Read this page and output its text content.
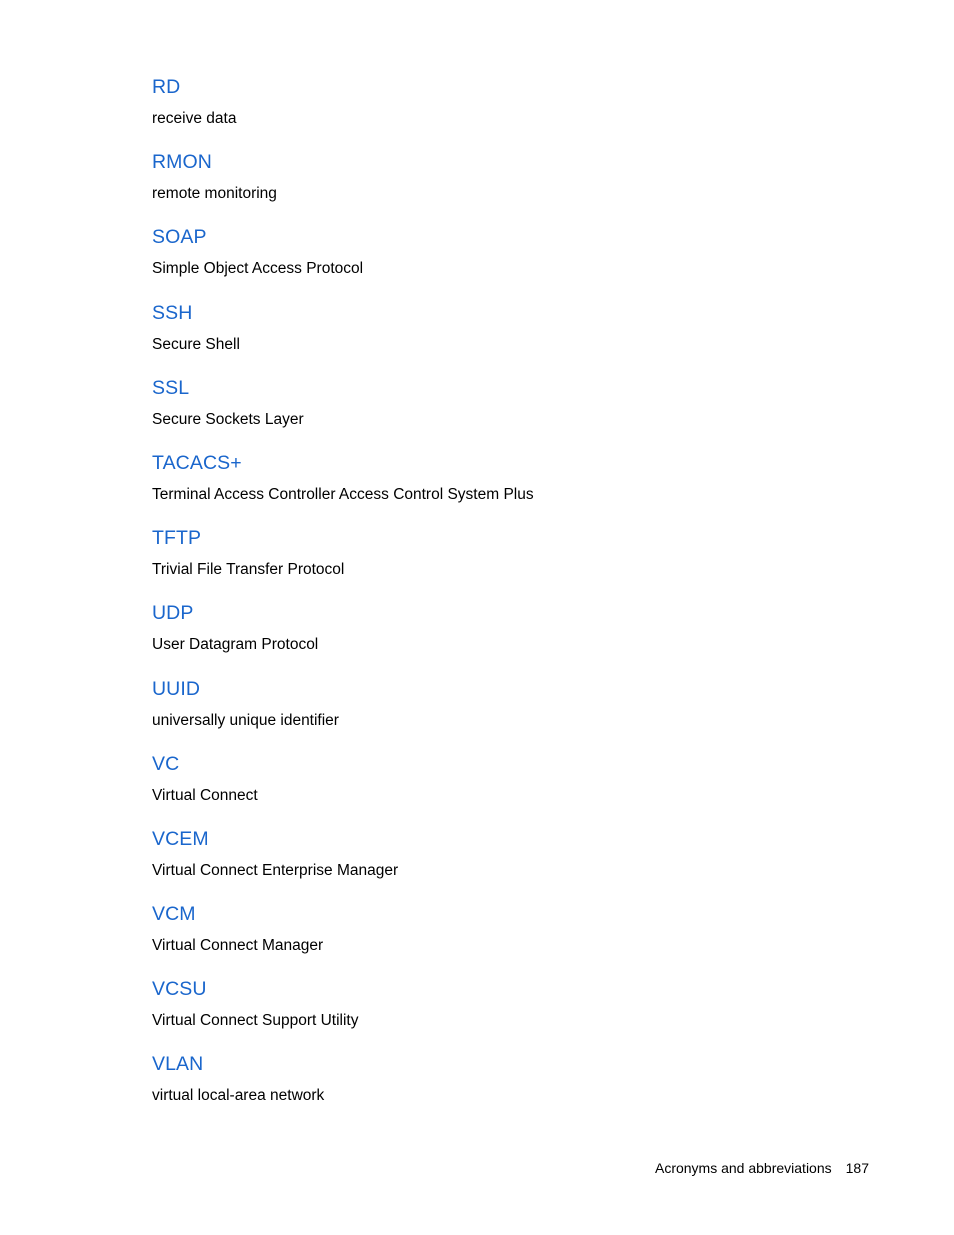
RD
receive data
RMON
remote monitoring
SOAP
Simple Object Access Protocol
SSH
Secure Shell
SSL
Secure Sockets Layer
TACACS+
Terminal Access Controller Access Control System Plus
TFTP
Trivial File Transfer Protocol
UDP
User Datagram Protocol
UUID
universally unique identifier
VC
Virtual Connect
VCEM
Virtual Connect Enterprise Manager
VCM
Virtual Connect Manager
VCSU
Virtual Connect Support Utility
VLAN
virtual local-area network
Acronyms and abbreviations 187
